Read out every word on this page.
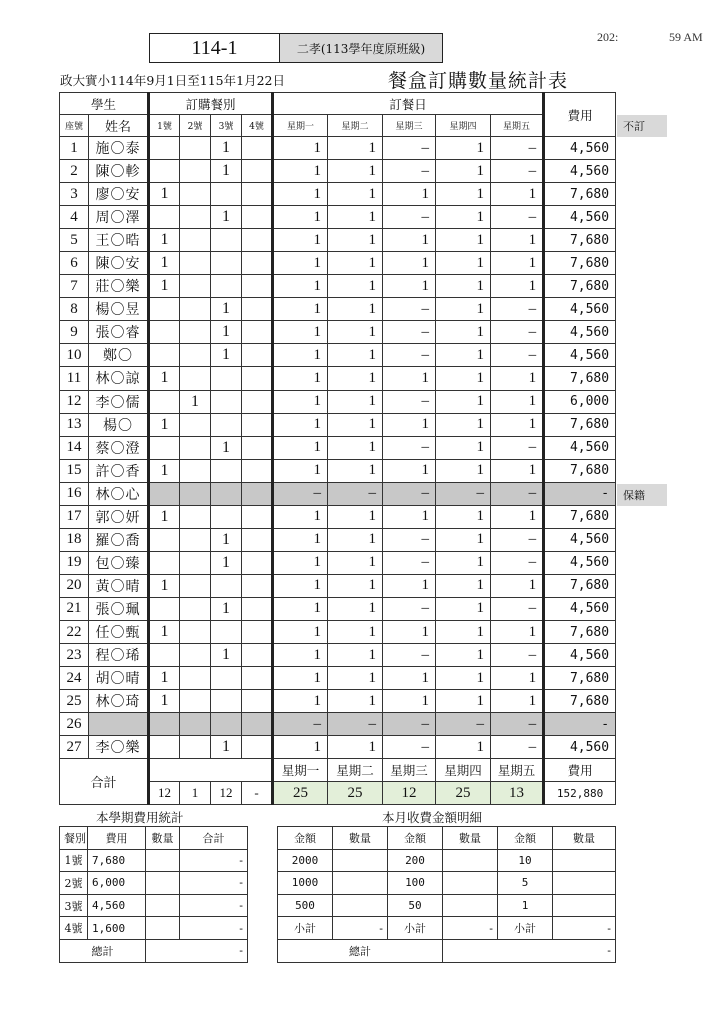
202:	59 AM
114-1	二孝(113學年度原班級)
政大實小114年9月1日至115年1月22日	餐盒訂購數量統計表
學生		訂購餐別				訂餐日					費用
座號	姓名	1號	2號	3號	4號	星期一	星期二	星期三	星期四	星期五	
1	施〇泰			1		1	1	–	1	–	4,560
2	陳〇軫			1		1	1	–	1	–	4,560
3	廖〇安	1				1	1	1	1	1	7,680
4	周〇澤			1		1	1	–	1	–	4,560
5	王〇晧	1				1	1	1	1	1	7,680
6	陳〇安	1				1	1	1	1	1	7,680
7	莊〇樂	1				1	1	1	1	1	7,680
8	楊〇昱			1		1	1	–	1	–	4,560
9	張〇睿			1		1	1	–	1	–	4,560
10	鄭〇			1		1	1	–	1	–	4,560
11	林〇諒	1				1	1	1	1	1	7,680
12	李〇儒		1			1	1	–	1	1	6,000
13	楊〇	1				1	1	1	1	1	7,680
14	蔡〇澄			1		1	1	–	1	–	4,560
15	許〇香	1				1	1	1	1	1	7,680
16	林〇心					–	–	–	–	–	-
17	郭〇妍	1				1	1	1	1	1	7,680
18	羅〇喬			1		1	1	–	1	–	4,560
19	包〇臻			1		1	1	–	1	–	4,560
20	黃〇晴	1				1	1	1	1	1	7,680
21	張〇珮			1		1	1	–	1	–	4,560
22	任〇甄	1				1	1	1	1	1	7,680
23	程〇琋			1		1	1	–	1	–	4,560
24	胡〇晴	1				1	1	1	1	1	7,680
25	林〇琦	1				1	1	1	1	1	7,680
26						–	–	–	–	–	-
27	李〇樂			1		1	1	–	1	–	4,560
合計						星期一	星期二	星期三	星期四	星期五	費用
		12	1	12	-	25	25	12	25	13	152,880
不訂
保籍
本學期費用統計
餐別	費用	數量	合計
1號	7,680		-
2號	6,000		-
3號	4,560		-
4號	1,600		-
總計		-	
本月收費金額明細
金額	數量	金額	數量	金額	數量
2000		200		10	
1000		100		5	
500		50		1	
小計	-	小計	-	小計	-
總計			-		
